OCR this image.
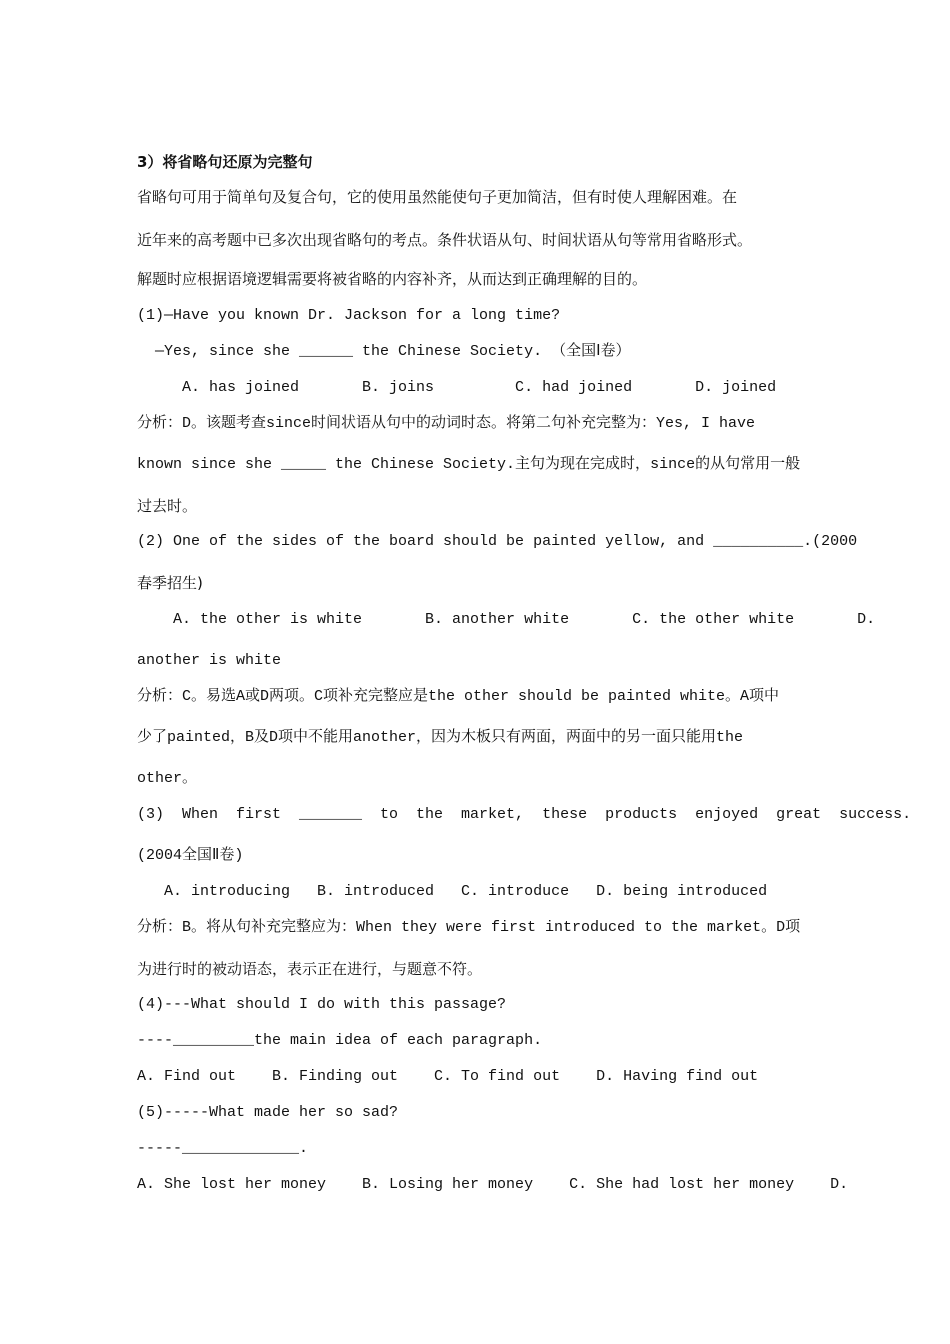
3）将省略句还原为完整句
省略句可用于简单句及复合句，它的使用虽然能使句子更加简洁，但有时使人理解困难。在
近年来的高考题中已多次出现省略句的考点。条件状语从句、时间状语从句等常用省略形式。
解题时应根据语境逻辑需要将被省略的内容补齐，从而达到正确理解的目的。
(1)—Have you known Dr. Jackson for a long time?
—Yes, since she ______ the Chinese Society. （全国Ⅰ卷）
A. has joined       B. joins         C. had joined       D. joined
分析：D。该题考查since时间状语从句中的动词时态。将第二句补充完整为：Yes, I have
known since she _____ the Chinese Society.主句为现在完成时，since的从句常用一般
过去时。
(2) One of the sides of the board should be painted yellow, and __________.(2000
春季招生)
A. the other is white       B. another white       C. the other white       D.
another is white
分析：C。易选A或D两项。C项补充完整应是the other should be painted white。A项中
少了painted，B及D项中不能用another，因为木板只有两面，两面中的另一面只能用the
other。
(3)  When  first  _______  to  the  market,  these  products  enjoyed  great  success.
(2004全国Ⅱ卷)
A. introducing   B. introduced   C. introduce   D. being introduced
分析：B。将从句补充完整应为：When they were first introduced to the market。D项
为进行时的被动语态，表示正在进行，与题意不符。
(4)---What should I do with this passage?
----_________the main idea of each paragraph.
A. Find out    B. Finding out    C. To find out    D. Having find out
(5)-----What made her so sad?
-----_____________.
A. She lost her money    B. Losing her money    C. She had lost her money    D.
